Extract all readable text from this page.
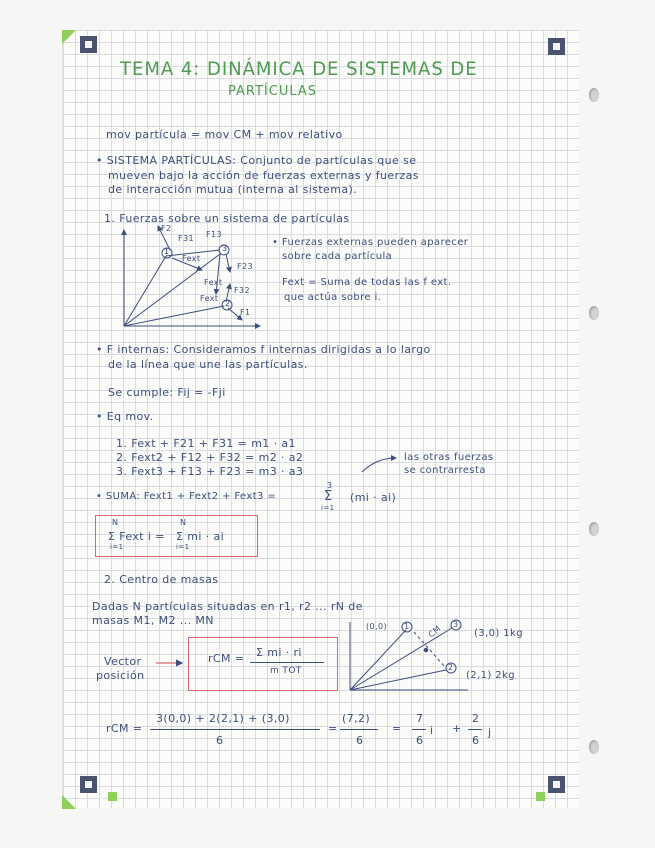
TEMA 4: DINÁMICA DE SISTEMAS DE
PARTÍCULAS
mov partícula = mov CM + mov relativo
• SISTEMA PARTÍCULAS: Conjunto de partículas que se
mueven bajo la acción de fuerzas externas y fuerzas
de interacción mutua (interna al sistema).
1. Fuerzas sobre un sistema de partículas
F2
F31 F13
Fext
1	3
F23
Fext
F32
Fext
2
F1
• Fuerzas externas pueden aparecer
sobre cada partícula
Fext = Suma de todas las f ext.
que actúa sobre i.
• F internas: Consideramos f internas dirigidas a lo largo
de la línea que une las partículas.
Se cumple: Fij = -Fji
• Eq mov.
1. Fext + F21 + F31 = m1 · a1
2. Fext2 + F12 + F32 = m2 · a2
3. Fext3 + F13 + F23 = m3 · a3
las otras fuerzas
se contrarresta
• SUMA: Fext1 + Fext2 + Fext3 =
3
Σ
i=1
(mi · ai)
N
Σ Fext i =
i=1
N
Σ mi · ai
i=1
2. Centro de masas
Dadas N partículas situadas en r1, r2 ... rN de
masas M1, M2 ... MN
Vector
posición
rCM = Σ mi · ri
m TOT
(0,0) 1 CM 3
(3,0) 1kg
2
(2,1) 2kg
rCM =
3(0,0) + 2(2,1) + (3,0)
6
=
(7,2)
6
=
7
6
i +
2
6
j
